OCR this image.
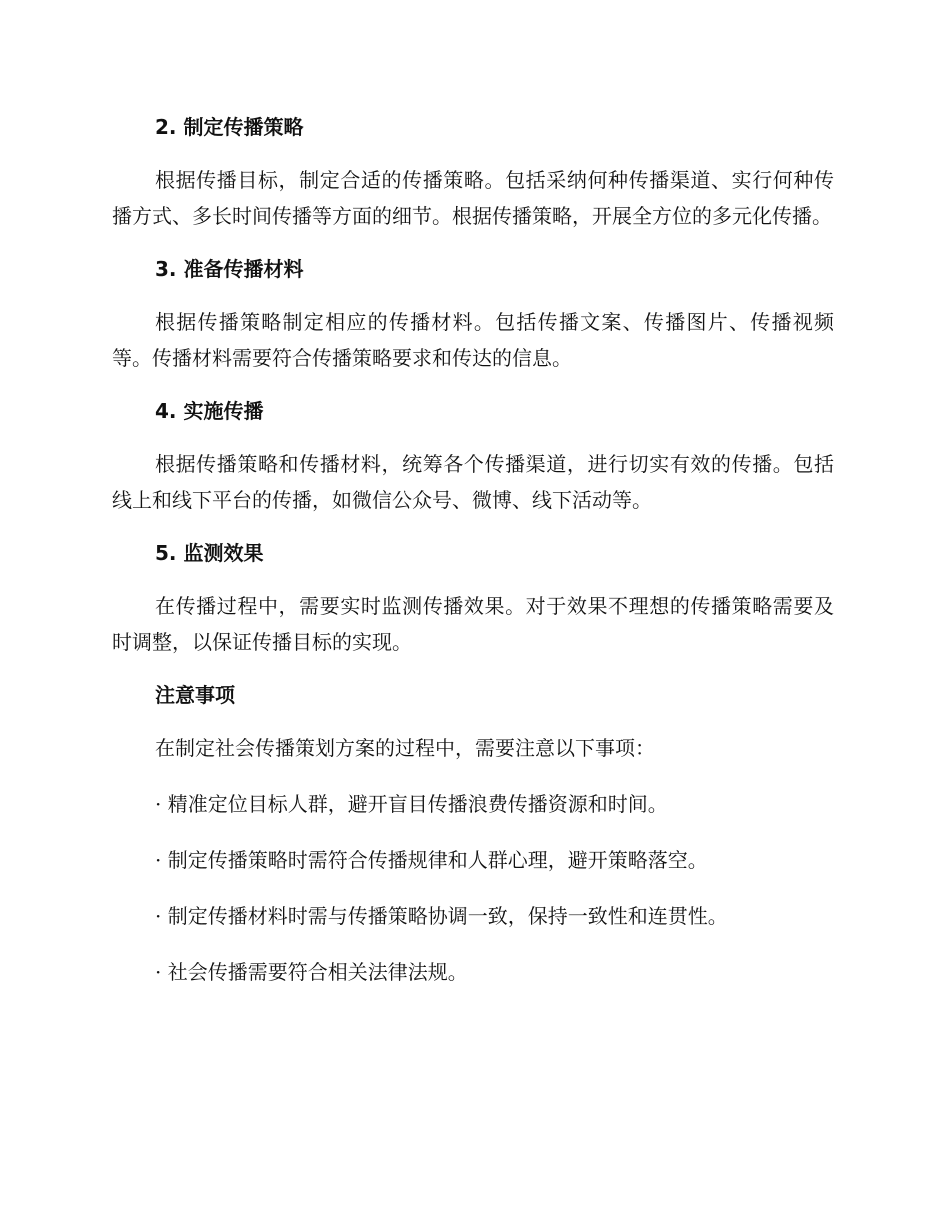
2. 制定传播策略

根据传播目标，制定合适的传播策略。包括采纳何种传播渠道、实行何种传播方式、多长时间传播等方面的细节。根据传播策略，开展全方位的多元化传播。

3. 准备传播材料

根据传播策略制定相应的传播材料。包括传播文案、传播图片、传播视频等。传播材料需要符合传播策略要求和传达的信息。

4. 实施传播

根据传播策略和传播材料，统筹各个传播渠道，进行切实有效的传播。包括线上和线下平台的传播，如微信公众号、微博、线下活动等。

5. 监测效果

在传播过程中，需要实时监测传播效果。对于效果不理想的传播策略需要及时调整，以保证传播目标的实现。

注意事项

在制定社会传播策划方案的过程中，需要注意以下事项：

· 精准定位目标人群，避开盲目传播浪费传播资源和时间。

· 制定传播策略时需符合传播规律和人群心理，避开策略落空。

· 制定传播材料时需与传播策略协调一致，保持一致性和连贯性。

· 社会传播需要符合相关法律法规。
